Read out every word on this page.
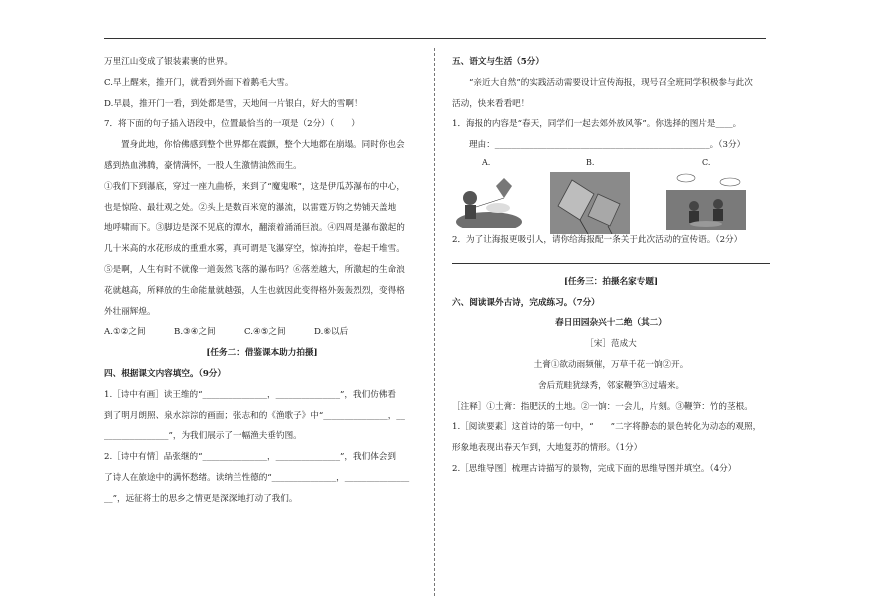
万里江山变成了银装素裹的世界。
C.早上醒来，推开门，就看到外面下着鹅毛大雪。
D.早晨，推开门一看，到处都是雪，天地间一片银白，好大的雪啊！
7．将下面的句子插入语段中，位置最恰当的一项是（2分）（　　）
置身此地，你恰佛感到整个世界都在震颤，整个大地都在崩塌。同时你也会
感到热血沸腾，豪情满怀，一股人生激情油然而生。
①我们下到瀑底，穿过一座九曲桥，来到了“魔鬼喉”，这是伊瓜苏瀑布的中心，
也是惊险、最壮观之处。②头上是数百米宽的瀑流，以雷霆万钧之势铺天盖地
地呼啸而下。③脚边是深不见底的潭水，翻滚着涌涌巨浪。④四周是瀑布激起的
几十米高的水花形成的重重水雾，真可谓是飞瀑穿空，惊涛拍岸，卷起千堆雪。
⑤是啊，人生有时不就像一道轰然飞落的瀑布吗？⑥落差越大，所激起的生命浪
花就越高，所释放的生命能量就越强，人生也就因此变得格外轰轰烈烈，变得格
外壮丽辉煌。
A.①②之间	B.③④之间	C.④⑤之间	D.⑥以后
[任务二：借鉴课本助力拍摄]
四、根据课文内容填空。（9分）
1.［诗中有画］读王维的“_______________，_______________”，我们仿佛看
到了明月朗照、泉水淙淙的画面；张志和的《渔歌子》中“_______________，__
_______________”，为我们展示了一幅渔夫垂钓图。
2.［诗中有情］品张继的“_______________，_______________”，我们体会到
了诗人在旅途中的满怀愁绪。读纳兰性德的“_______________，_______________
__”，远征将士的思乡之情更是深深地打动了我们。
五、语文与生活（5分）
“亲近大自然”的实践活动需要设计宣传海报，现号召全班同学积极参与此次
活动，快来看看吧！
1．海报的内容是“春天，同学们一起去郊外放风筝”。你选择的图片是____。
理由：__________________________________________________。（3分）
A.	B.	C.
2．为了让海报更吸引人，请你给海报配一条关于此次活动的宣传语。（2分）
[任务三：拍摄名家专题]
六、阅读课外古诗，完成练习。（7分）
春日田园杂兴十二绝（其二）
［宋］范成大
土膏①欲动雨频催，万草千花一饷②开。
舍后荒畦犹绿秀，邻家鞭笋③过墙来。
［注释］①土膏：指肥沃的土地。②一饷：一会儿，片刻。③鞭笋：竹的茎根。
1.［阅读要素］这首诗的第一句中，“　　”二字将静态的景色转化为动态的观照，
形象地表现出春天乍到，大地复苏的情形。（1分）
2.［思维导图］梳理古诗描写的景物，完成下面的思维导图并填空。（4分）
